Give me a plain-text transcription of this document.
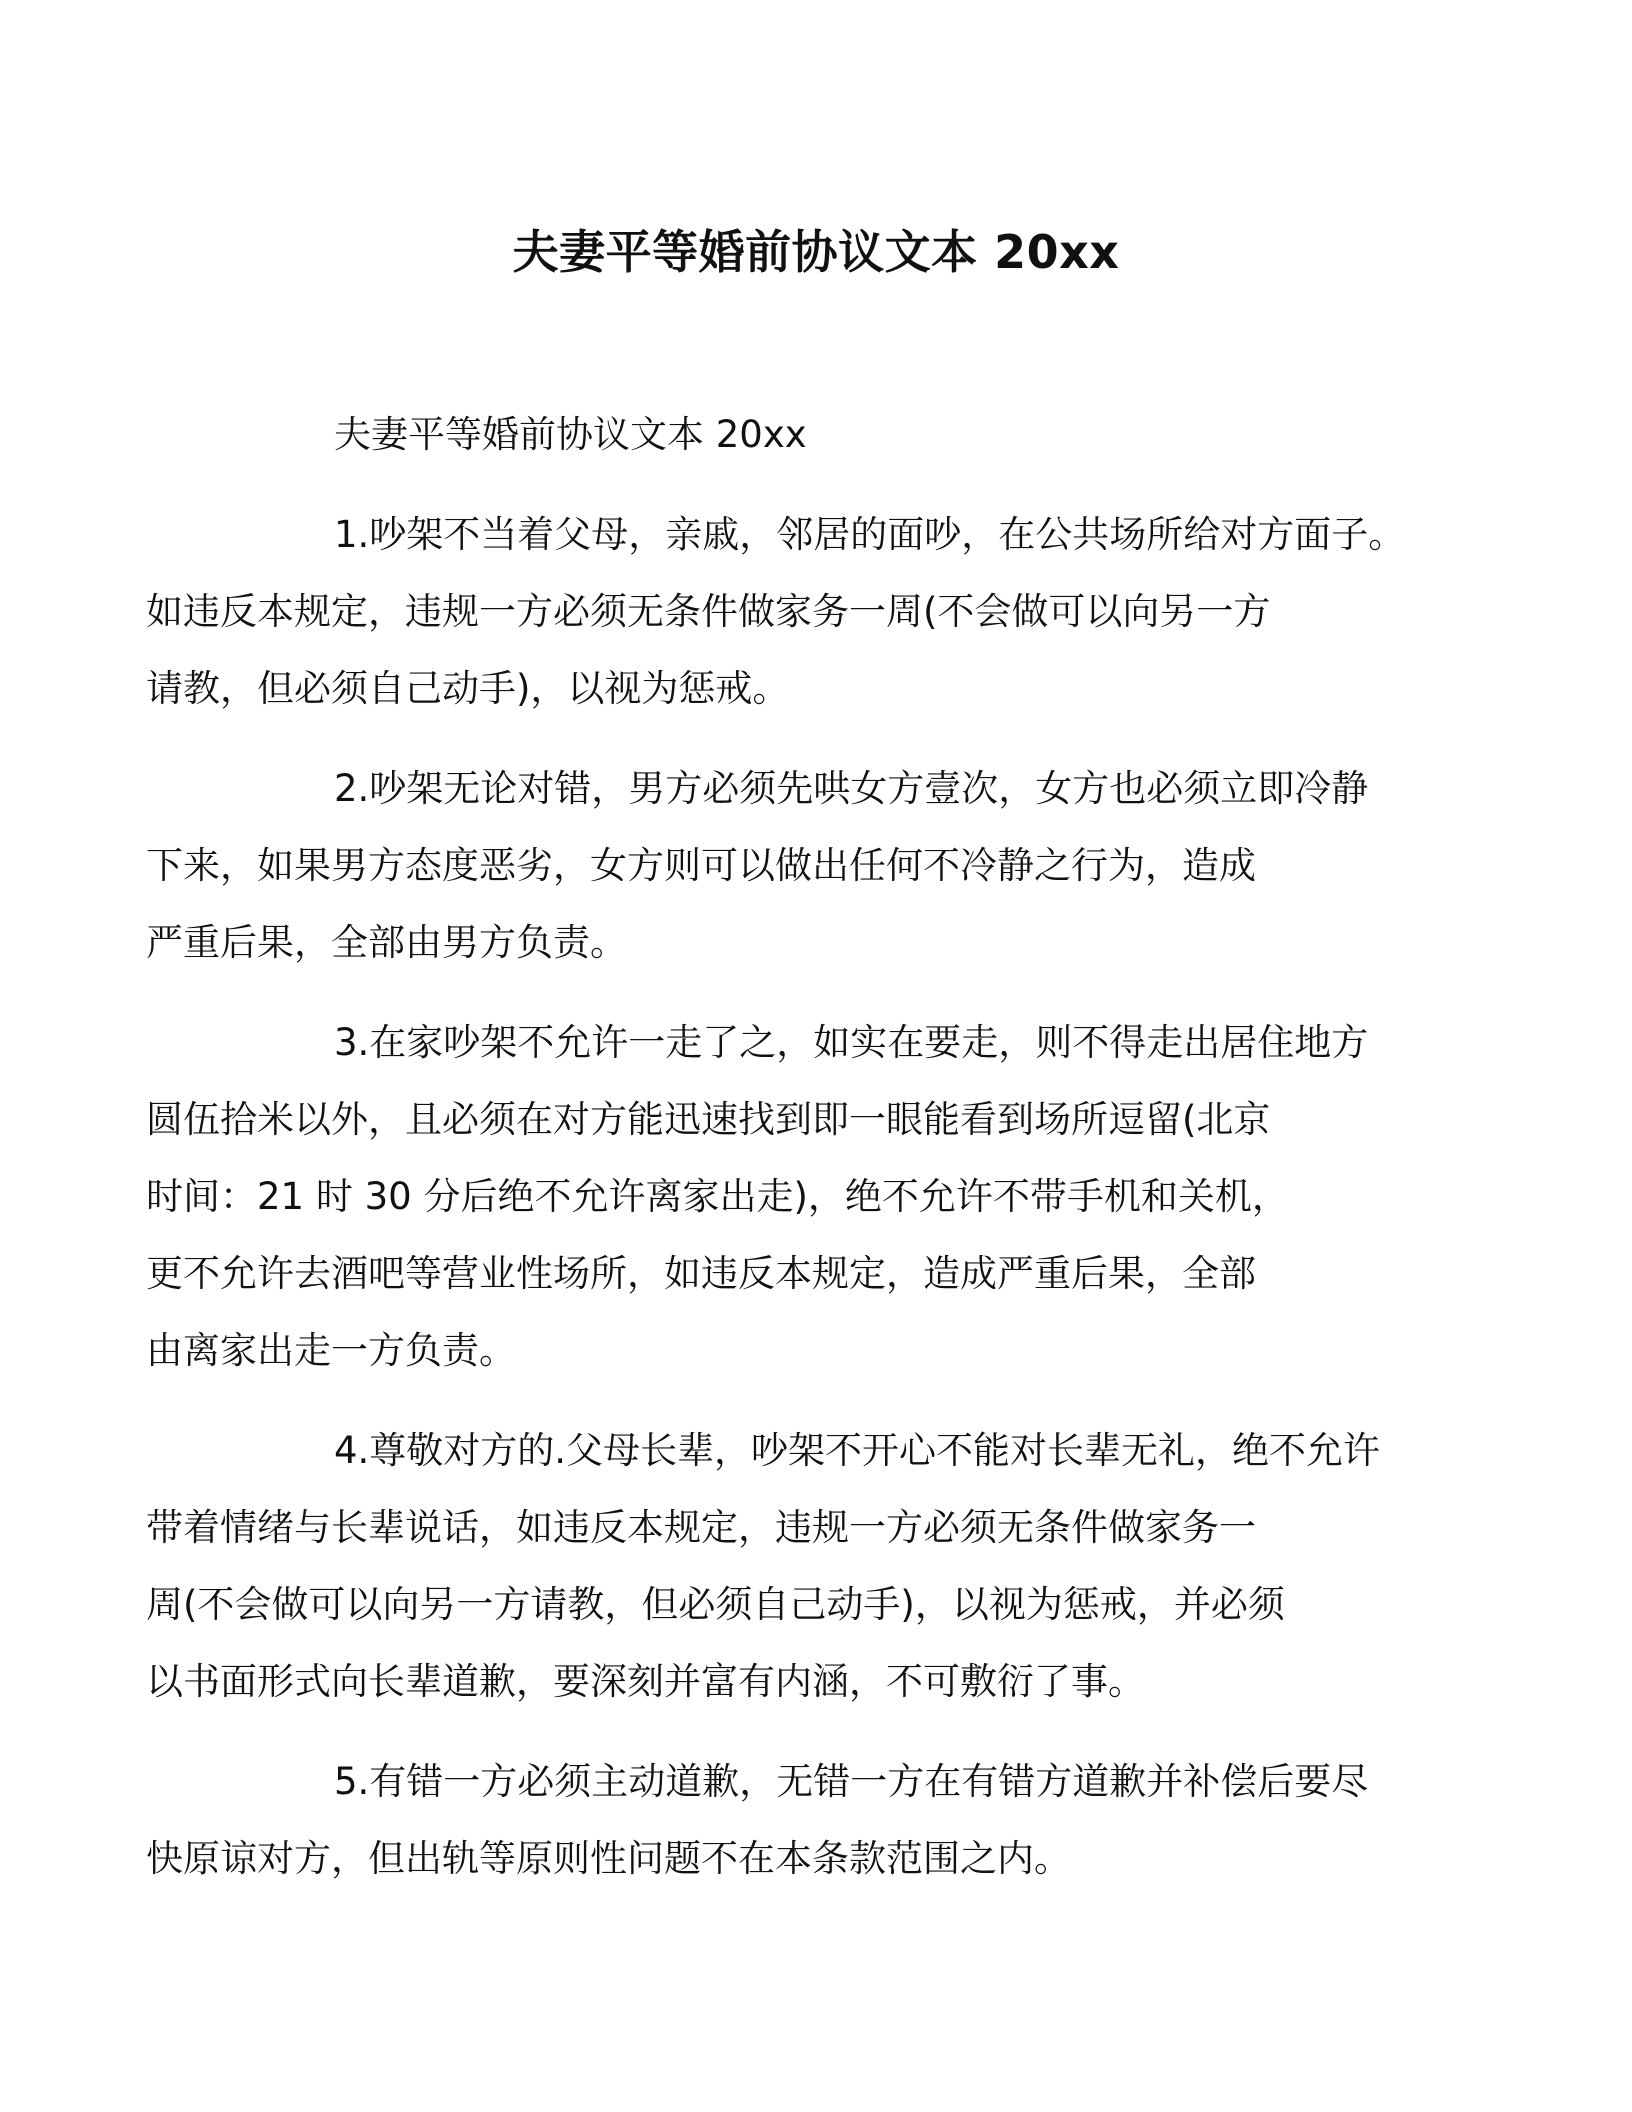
夫妻平等婚前协议文本 20xx
夫妻平等婚前协议文本 20xx
1.吵架不当着父母，亲戚，邻居的面吵，在公共场所给对方面子。
如违反本规定，违规一方必须无条件做家务一周(不会做可以向另一方
请教，但必须自己动手)，以视为惩戒。
2.吵架无论对错，男方必须先哄女方壹次，女方也必须立即冷静
下来，如果男方态度恶劣，女方则可以做出任何不冷静之行为，造成
严重后果，全部由男方负责。
3.在家吵架不允许一走了之，如实在要走，则不得走出居住地方
圆伍拾米以外，且必须在对方能迅速找到即一眼能看到场所逗留(北京
时间：21 时 30 分后绝不允许离家出走)，绝不允许不带手机和关机，
更不允许去酒吧等营业性场所，如违反本规定，造成严重后果，全部
由离家出走一方负责。
4.尊敬对方的.父母长辈，吵架不开心不能对长辈无礼，绝不允许
带着情绪与长辈说话，如违反本规定，违规一方必须无条件做家务一
周(不会做可以向另一方请教，但必须自己动手)，以视为惩戒，并必须
以书面形式向长辈道歉，要深刻并富有内涵，不可敷衍了事。
5.有错一方必须主动道歉，无错一方在有错方道歉并补偿后要尽
快原谅对方，但出轨等原则性问题不在本条款范围之内。
